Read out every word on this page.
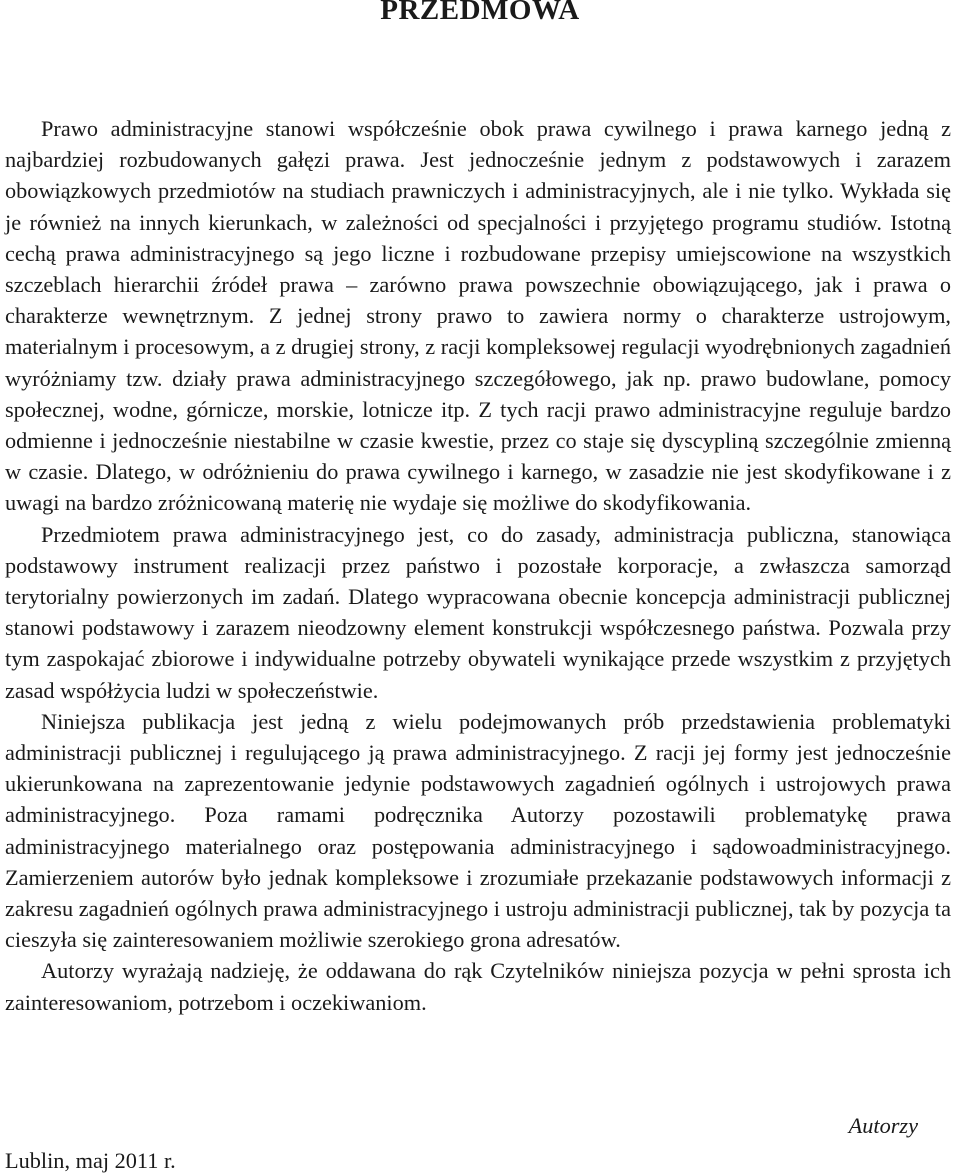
PRZEDMOWA

Prawo administracyjne stanowi współcześnie obok prawa cywilnego i prawa karnego jedną z najbardziej rozbudowanych gałęzi prawa. Jest jednocześnie jednym z podstawowych i zarazem obowiązkowych przedmiotów na studiach prawniczych i administracyjnych, ale i nie tylko. Wykłada się je również na innych kierunkach, w zależności od specjalności i przyjętego programu studiów. Istotną cechą prawa administracyjnego są jego liczne i rozbudowane przepisy umiejscowione na wszystkich szczeblach hierarchii źródeł prawa – zarówno prawa powszechnie obowiązującego, jak i prawa o charakterze wewnętrznym. Z jednej strony prawo to zawiera normy o charakterze ustrojowym, materialnym i procesowym, a z drugiej strony, z racji kompleksowej regulacji wyodrębnionych zagadnień wyróżniamy tzw. działy prawa administracyjnego szczegółowego, jak np. prawo budowlane, pomocy społecznej, wodne, górnicze, morskie, lotnicze itp. Z tych racji prawo administracyjne reguluje bardzo odmienne i jednocześnie niestabilne w czasie kwestie, przez co staje się dyscypliną szczególnie zmienną w czasie. Dlatego, w odróżnieniu do prawa cywilnego i karnego, w zasadzie nie jest skodyfikowane i z uwagi na bardzo zróżnicowaną materię nie wydaje się możliwe do skodyfikowania.

Przedmiotem prawa administracyjnego jest, co do zasady, administracja publiczna, stanowiąca podstawowy instrument realizacji przez państwo i pozostałe korporacje, a zwłaszcza samorząd terytorialny powierzonych im zadań. Dlatego wypracowana obecnie koncepcja administracji publicznej stanowi podstawowy i zarazem nieodzowny element konstrukcji współczesnego państwa. Pozwala przy tym zaspokajać zbiorowe i indywidualne potrzeby obywateli wynikające przede wszystkim z przyjętych zasad współżycia ludzi w społeczeństwie.

Niniejsza publikacja jest jedną z wielu podejmowanych prób przedstawienia problematyki administracji publicznej i regulującego ją prawa administracyjnego. Z racji jej formy jest jednocześnie ukierunkowana na zaprezentowanie jedynie podstawowych zagadnień ogólnych i ustrojowych prawa administracyjnego. Poza ramami podręcznika Autorzy pozostawili problematykę prawa administracyjnego materialnego oraz postępowania administracyjnego i sądowoadministracyjnego. Zamierzeniem autorów było jednak kompleksowe i zrozumiałe przekazanie podstawowych informacji z zakresu zagadnień ogólnych prawa administracyjnego i ustroju administracji publicznej, tak by pozycja ta cieszyła się zainteresowaniem możliwie szerokiego grona adresatów.

Autorzy wyrażają nadzieję, że oddawana do rąk Czytelników niniejsza pozycja w pełni sprosta ich zainteresowaniom, potrzebom i oczekiwaniom.

Autorzy
Lublin, maj 2011 r.
